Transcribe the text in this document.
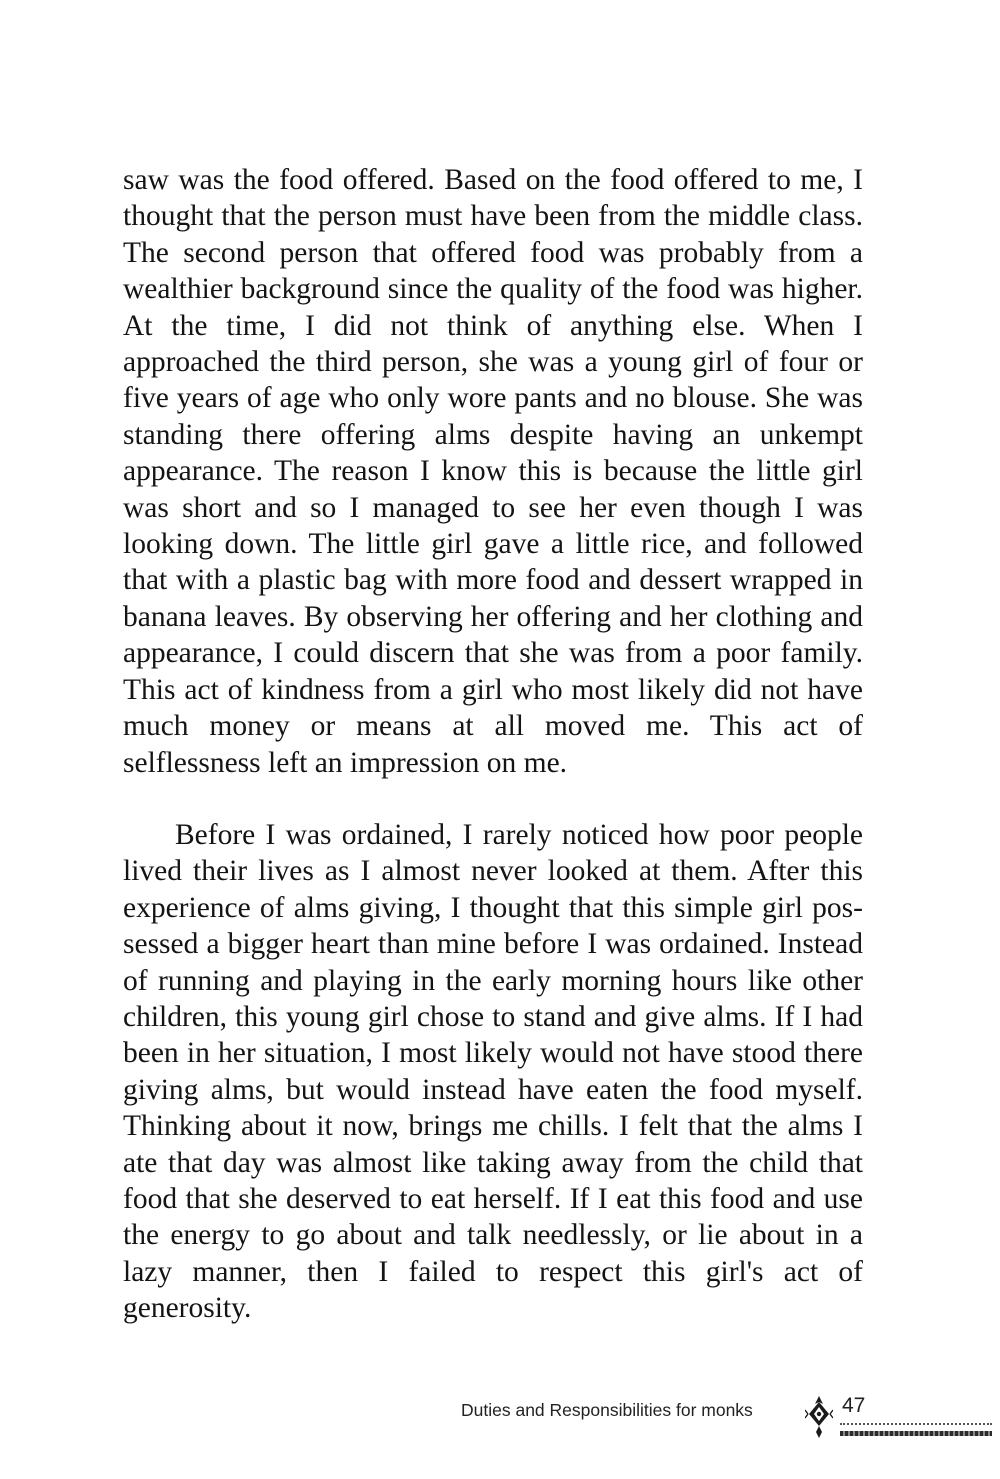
saw was the food offered. Based on the food offered to me, I thought that the person must have been from the middle class. The second person that offered food was probably from a wealthier background since the quality of the food was higher. At the time, I did not think of anything else. When I approached the third person, she was a young girl of four or five years of age who only wore pants and no blouse. She was standing there offering alms despite having an unkempt appearance. The reason I know this is because the little girl was short and so I managed to see her even though I was looking down. The little girl gave a little rice, and followed that with a plastic bag with more food and dessert wrapped in banana leaves. By observing her offering and her clothing and appearance, I could discern that she was from a poor family. This act of kindness from a girl who most likely did not have much money or means at all moved me. This act of selflessness left an impression on me.

Before I was ordained, I rarely noticed how poor people lived their lives as I almost never looked at them. After this experience of alms giving, I thought that this simple girl possessed a bigger heart than mine before I was ordained. Instead of running and playing in the early morning hours like other children, this young girl chose to stand and give alms. If I had been in her situation, I most likely would not have stood there giving alms, but would instead have eaten the food myself. Thinking about it now, brings me chills. I felt that the alms I ate that day was almost like taking away from the child that food that she deserved to eat herself. If I eat this food and use the energy to go about and talk needlessly, or lie about in a lazy manner, then I failed to respect this girl's act of generosity.

Duties and Responsibilities for monks	47
